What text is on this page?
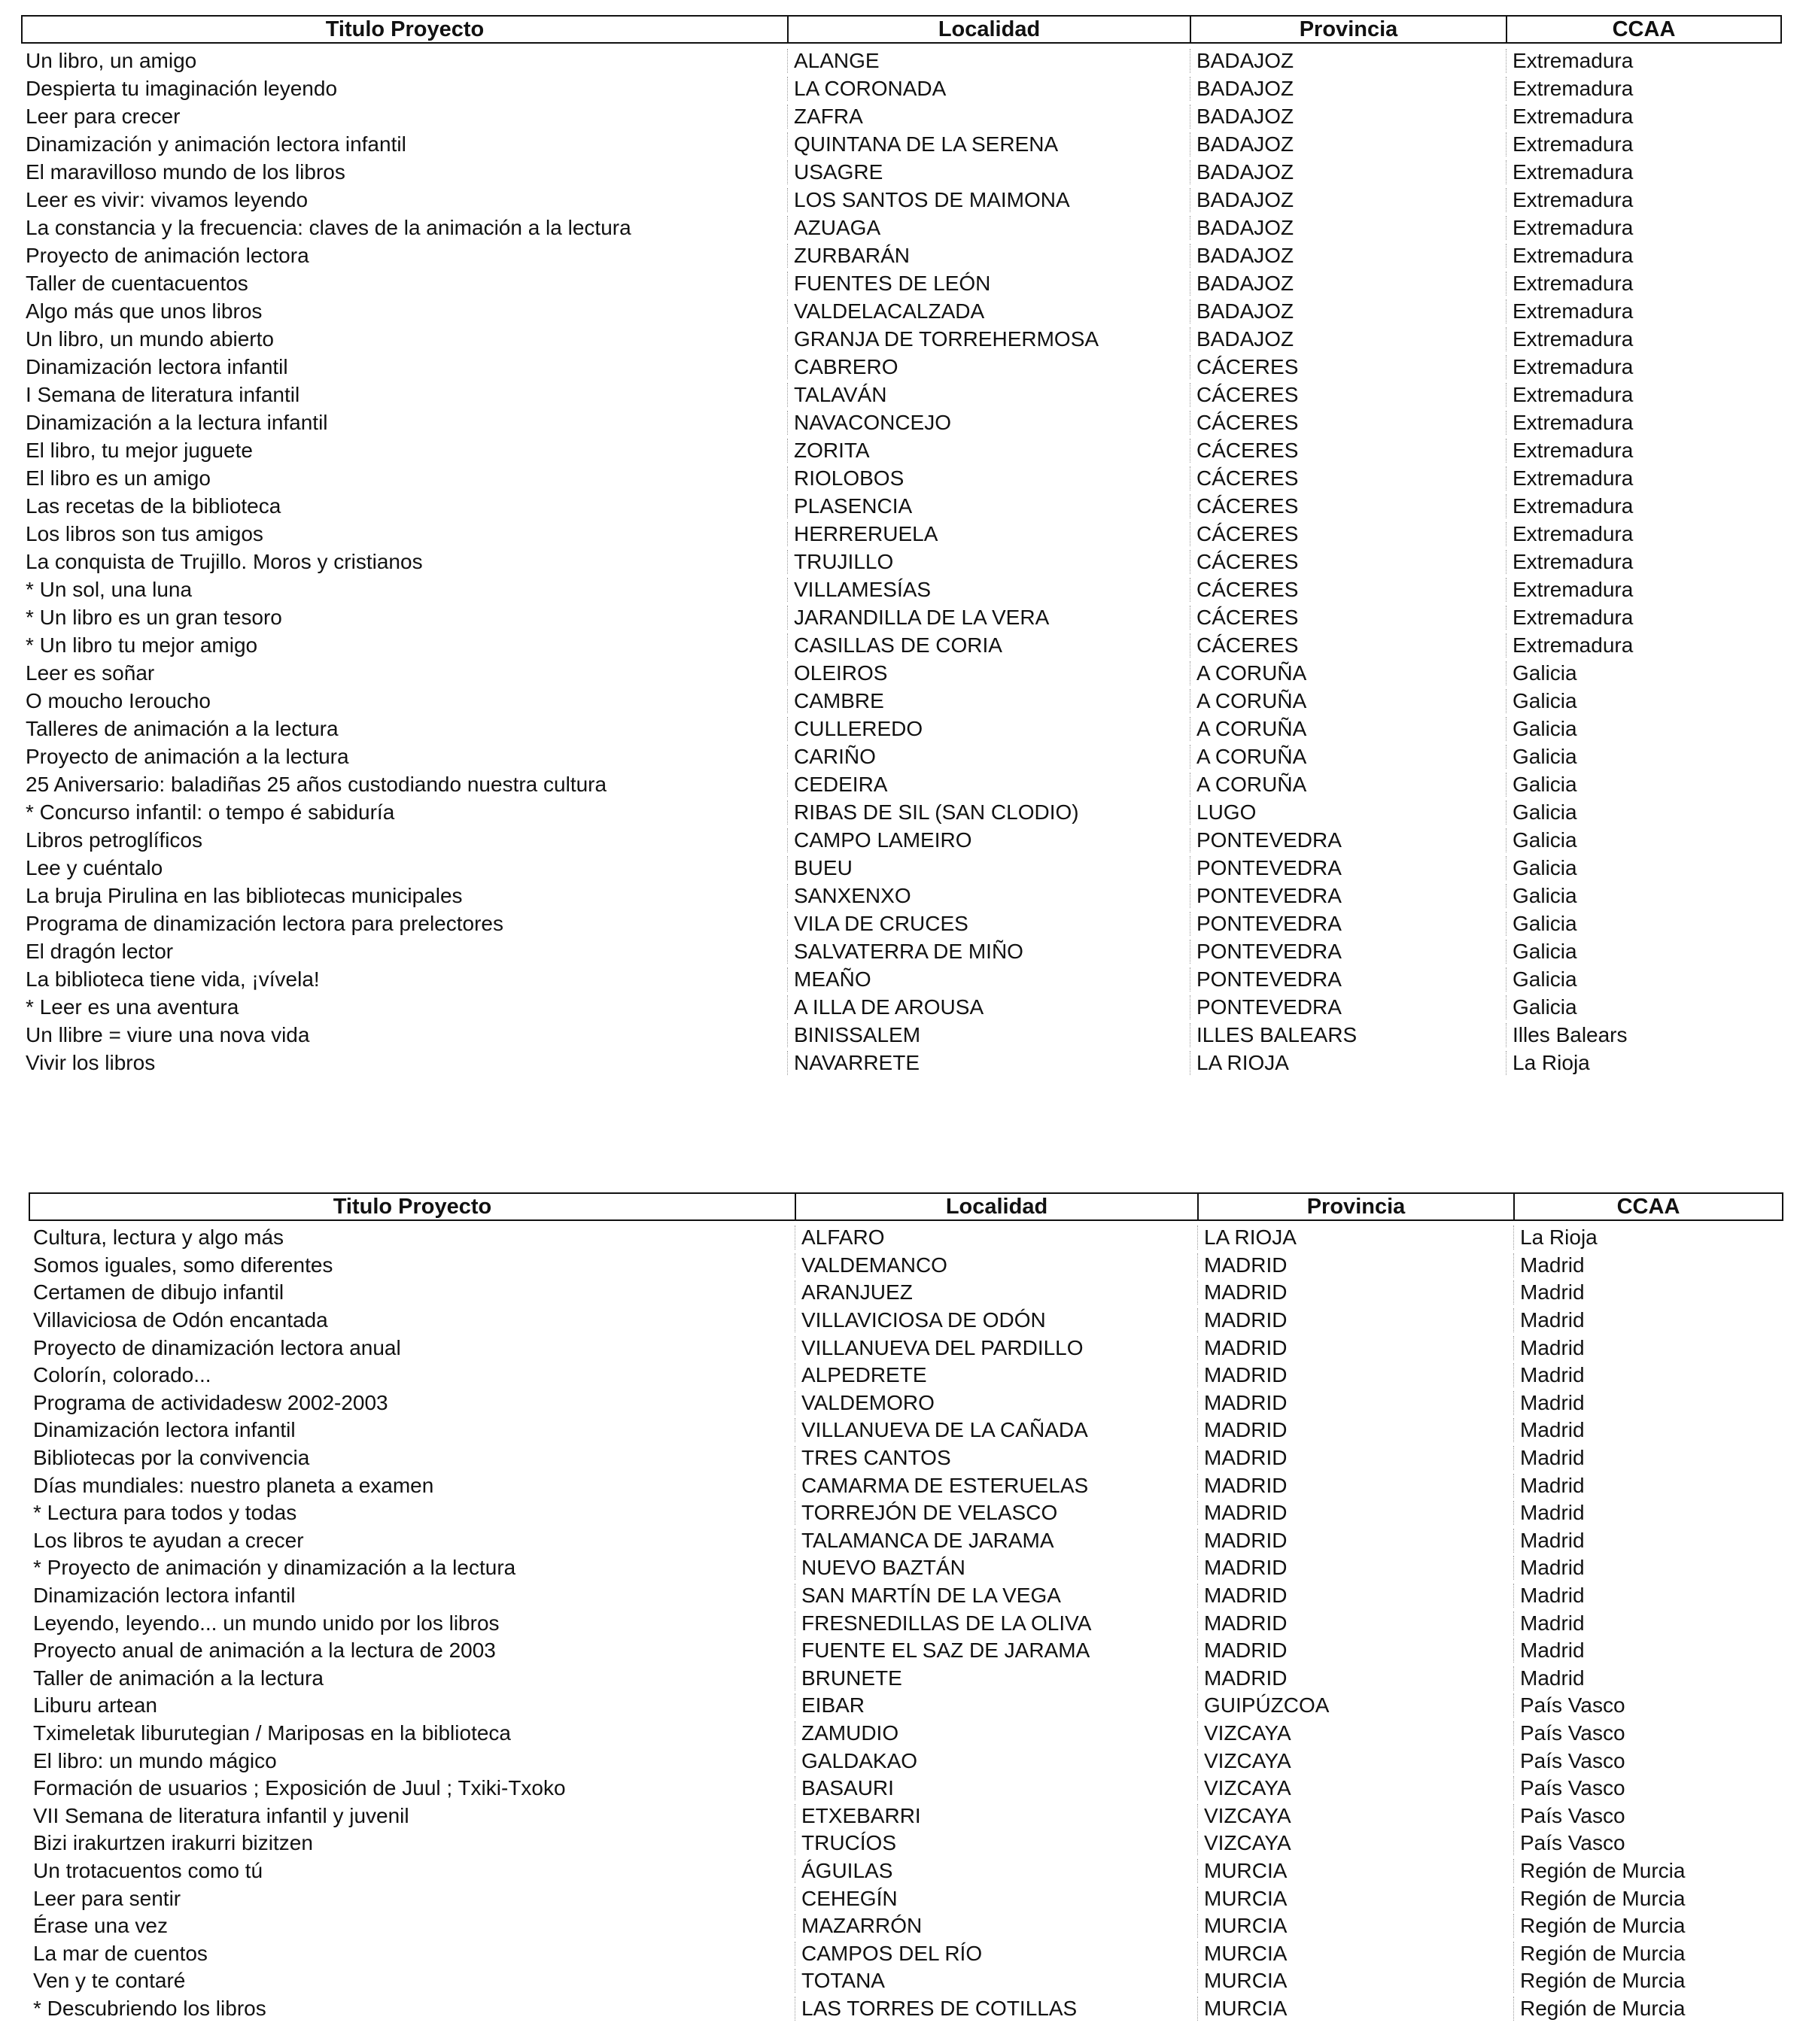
Titulo Proyecto	Localidad	Provincia	CCAA
Un libro, un amigo	ALANGE	BADAJOZ	Extremadura
Despierta tu imaginación leyendo	LA CORONADA	BADAJOZ	Extremadura
Leer para crecer	ZAFRA	BADAJOZ	Extremadura
Dinamización y animación lectora infantil	QUINTANA DE LA SERENA	BADAJOZ	Extremadura
El maravilloso mundo de los libros	USAGRE	BADAJOZ	Extremadura
Leer es vivir: vivamos leyendo	LOS SANTOS DE MAIMONA	BADAJOZ	Extremadura
La constancia y la frecuencia: claves de la animación a la lectura	AZUAGA	BADAJOZ	Extremadura
Proyecto de animación lectora	ZURBARÁN	BADAJOZ	Extremadura
Taller de cuentacuentos	FUENTES DE LEÓN	BADAJOZ	Extremadura
Algo más que unos libros	VALDELACALZADA	BADAJOZ	Extremadura
Un libro, un mundo abierto	GRANJA DE TORREHERMOSA	BADAJOZ	Extremadura
Dinamización lectora infantil	CABRERO	CÁCERES	Extremadura
I Semana de literatura infantil	TALAVÁN	CÁCERES	Extremadura
Dinamización a la lectura infantil	NAVACONCEJO	CÁCERES	Extremadura
El libro, tu mejor juguete	ZORITA	CÁCERES	Extremadura
El libro es un amigo	RIOLOBOS	CÁCERES	Extremadura
Las recetas de la biblioteca	PLASENCIA	CÁCERES	Extremadura
Los libros son tus amigos	HERRERUELA	CÁCERES	Extremadura
La conquista de Trujillo. Moros y cristianos	TRUJILLO	CÁCERES	Extremadura
* Un sol, una luna	VILLAMESÍAS	CÁCERES	Extremadura
* Un libro es un gran tesoro	JARANDILLA DE LA VERA	CÁCERES	Extremadura
* Un libro tu mejor amigo	CASILLAS DE CORIA	CÁCERES	Extremadura
Leer es soñar	OLEIROS	A CORUÑA	Galicia
O moucho Ieroucho	CAMBRE	A CORUÑA	Galicia
Talleres de animación a la lectura	CULLEREDO	A CORUÑA	Galicia
Proyecto de animación a la lectura	CARIÑO	A CORUÑA	Galicia
25 Aniversario: baladiñas 25 años custodiando nuestra cultura	CEDEIRA	A CORUÑA	Galicia
* Concurso infantil: o tempo é sabiduría	RIBAS DE SIL (SAN CLODIO)	LUGO	Galicia
Libros petroglíficos	CAMPO LAMEIRO	PONTEVEDRA	Galicia
Lee y cuéntalo	BUEU	PONTEVEDRA	Galicia
La bruja Pirulina en las bibliotecas municipales	SANXENXO	PONTEVEDRA	Galicia
Programa de dinamización lectora para prelectores	VILA DE CRUCES	PONTEVEDRA	Galicia
El dragón lector	SALVATERRA DE MIÑO	PONTEVEDRA	Galicia
La biblioteca tiene vida, ¡vívela!	MEAÑO	PONTEVEDRA	Galicia
* Leer es una aventura	A ILLA DE AROUSA	PONTEVEDRA	Galicia
Un llibre = viure una nova vida	BINISSALEM	ILLES BALEARS	Illes Balears
Vivir los libros	NAVARRETE	LA RIOJA	La Rioja
Titulo Proyecto	Localidad	Provincia	CCAA
Cultura, lectura y algo más	ALFARO	LA RIOJA	La Rioja
Somos iguales, somo diferentes	VALDEMANCO	MADRID	Madrid
Certamen de dibujo infantil	ARANJUEZ	MADRID	Madrid
Villaviciosa de Odón encantada	VILLAVICIOSA DE ODÓN	MADRID	Madrid
Proyecto de dinamización lectora anual	VILLANUEVA DEL PARDILLO	MADRID	Madrid
Colorín, colorado...	ALPEDRETE	MADRID	Madrid
Programa de actividadesw 2002-2003	VALDEMORO	MADRID	Madrid
Dinamización lectora infantil	VILLANUEVA DE LA CAÑADA	MADRID	Madrid
Bibliotecas por la convivencia	TRES CANTOS	MADRID	Madrid
Días mundiales: nuestro planeta a examen	CAMARMA DE ESTERUELAS	MADRID	Madrid
* Lectura para todos y todas	TORREJÓN DE VELASCO	MADRID	Madrid
Los libros te ayudan a crecer	TALAMANCA DE JARAMA	MADRID	Madrid
* Proyecto de animación y dinamización a la lectura	NUEVO BAZTÁN	MADRID	Madrid
Dinamización lectora infantil	SAN MARTÍN DE LA VEGA	MADRID	Madrid
Leyendo, leyendo... un mundo unido por los libros	FRESNEDILLAS DE LA OLIVA	MADRID	Madrid
Proyecto anual de animación a la lectura de 2003	FUENTE EL SAZ DE JARAMA	MADRID	Madrid
Taller de animación a la lectura	BRUNETE	MADRID	Madrid
Liburu artean	EIBAR	GUIPÚZCOA	País Vasco
Tximeletak liburutegian / Mariposas en la biblioteca	ZAMUDIO	VIZCAYA	País Vasco
El libro: un mundo mágico	GALDAKAO	VIZCAYA	País Vasco
Formación de usuarios ; Exposición de Juul ; Txiki-Txoko	BASAURI	VIZCAYA	País Vasco
VII Semana de literatura infantil y juvenil	ETXEBARRI	VIZCAYA	País Vasco
Bizi irakurtzen irakurri bizitzen	TRUCÍOS	VIZCAYA	País Vasco
Un trotacuentos como tú	ÁGUILAS	MURCIA	Región de Murcia
Leer para sentir	CEHEGÍN	MURCIA	Región de Murcia
Érase una vez	MAZARRÓN	MURCIA	Región de Murcia
La mar de cuentos	CAMPOS DEL RÍO	MURCIA	Región de Murcia
Ven y te contaré	TOTANA	MURCIA	Región de Murcia
* Descubriendo los libros	LAS TORRES DE COTILLAS	MURCIA	Región de Murcia
